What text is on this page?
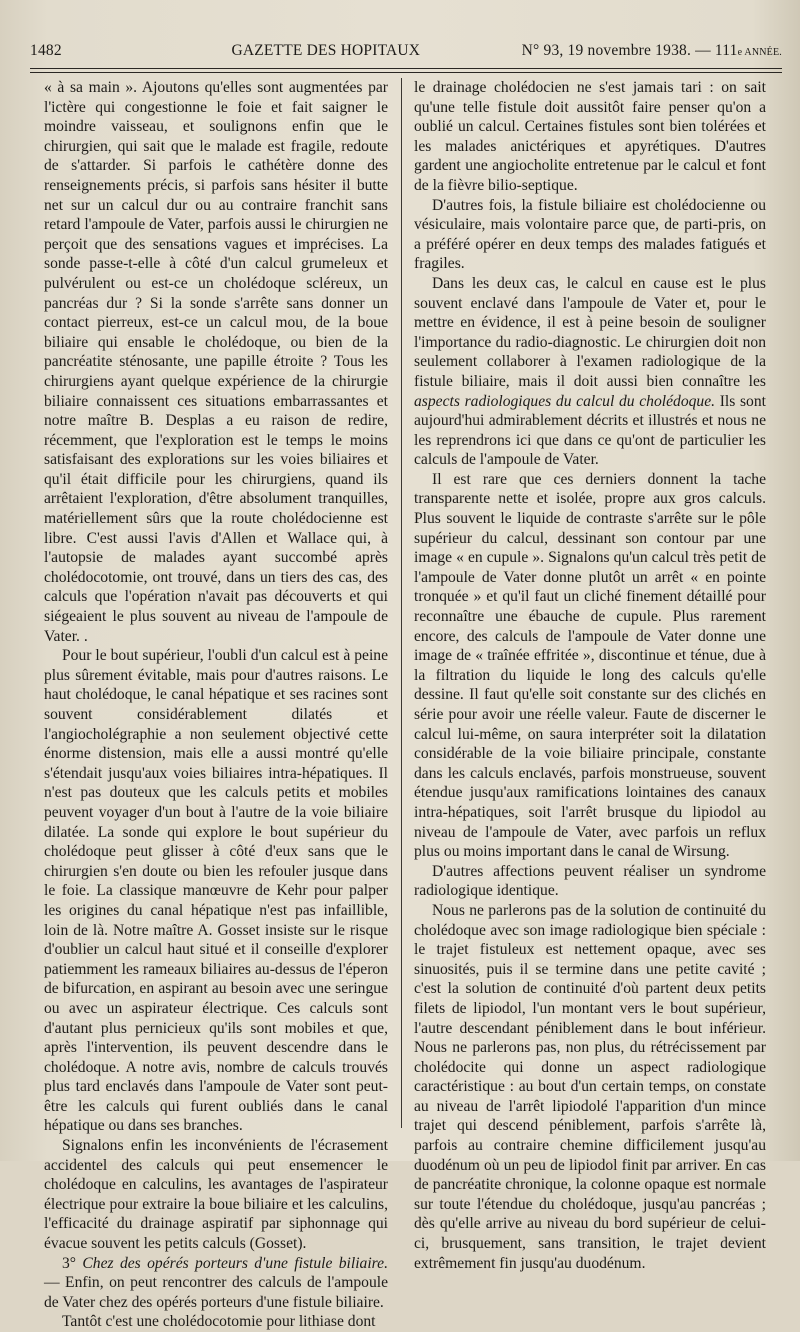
1482	GAZETTE DES HOPITAUX	N° 93, 19 novembre 1938. — 111e ANNÉE.

« à sa main ». Ajoutons qu'elles sont augmentées par l'ictère qui congestionne le foie et fait saigner le moindre vaisseau, et soulignons enfin que le chirurgien, qui sait que le malade est fragile, redoute de s'attarder. Si parfois le cathétère donne des renseignements précis, si parfois sans hésiter il butte net sur un calcul dur ou au contraire franchit sans retard l'ampoule de Vater, parfois aussi le chirurgien ne perçoit que des sensations vagues et imprécises. La sonde passe-t-elle à côté d'un calcul grumeleux et pulvérulent ou est-ce un cholédoque scléreux, un pancréas dur ? Si la sonde s'arrête sans donner un contact pierreux, est-ce un calcul mou, de la boue biliaire qui ensable le cholédoque, ou bien de la pancréatite sténosante, une papille étroite ? Tous les chirurgiens ayant quelque expérience de la chirurgie biliaire connaissent ces situations embarrassantes et notre maître B. Desplas a eu raison de redire, récemment, que l'exploration est le temps le moins satisfaisant des explorations sur les voies biliaires et qu'il était difficile pour les chirurgiens, quand ils arrêtaient l'exploration, d'être absolument tranquilles, matériellement sûrs que la route cholédocienne est libre. C'est aussi l'avis d'Allen et Wallace qui, à l'autopsie de malades ayant succombé après cholédocotomie, ont trouvé, dans un tiers des cas, des calculs que l'opération n'avait pas découverts et qui siégeaient le plus souvent au niveau de l'ampoule de Vater. .

Pour le bout supérieur, l'oubli d'un calcul est à peine plus sûrement évitable, mais pour d'autres raisons. Le haut cholédoque, le canal hépatique et ses racines sont souvent considérablement dilatés et l'angiocholégraphie a non seulement objectivé cette énorme distension, mais elle a aussi montré qu'elle s'étendait jusqu'aux voies biliaires intra-hépatiques. Il n'est pas douteux que les calculs petits et mobiles peuvent voyager d'un bout à l'autre de la voie biliaire dilatée. La sonde qui explore le bout supérieur du cholédoque peut glisser à côté d'eux sans que le chirurgien s'en doute ou bien les refouler jusque dans le foie. La classique manœuvre de Kehr pour palper les origines du canal hépatique n'est pas infaillible, loin de là. Notre maître A. Gosset insiste sur le risque d'oublier un calcul haut situé et il conseille d'explorer patiemment les rameaux biliaires au-dessus de l'éperon de bifurcation, en aspirant au besoin avec une seringue ou avec un aspirateur électrique. Ces calculs sont d'autant plus pernicieux qu'ils sont mobiles et que, après l'intervention, ils peuvent descendre dans le cholédoque. A notre avis, nombre de calculs trouvés plus tard enclavés dans l'ampoule de Vater sont peut-être les calculs qui furent oubliés dans le canal hépatique ou dans ses branches.

Signalons enfin les inconvénients de l'écrasement accidentel des calculs qui peut ensemencer le cholédoque en calculins, les avantages de l'aspirateur électrique pour extraire la boue biliaire et les calculins, l'efficacité du drainage aspiratif par siphonnage qui évacue souvent les petits calculs (Gosset).

3° Chez des opérés porteurs d'une fistule biliaire. — Enfin, on peut rencontrer des calculs de l'ampoule de Vater chez des opérés porteurs d'une fistule biliaire.

Tantôt c'est une cholédocotomie pour lithiase dont

le drainage cholédocien ne s'est jamais tari : on sait qu'une telle fistule doit aussitôt faire penser qu'on a oublié un calcul. Certaines fistules sont bien tolérées et les malades anictériques et apyrétiques. D'autres gardent une angiocholite entretenue par le calcul et font de la fièvre bilio-septique.

D'autres fois, la fistule biliaire est cholédocienne ou vésiculaire, mais volontaire parce que, de parti-pris, on a préféré opérer en deux temps des malades fatigués et fragiles.

Dans les deux cas, le calcul en cause est le plus souvent enclavé dans l'ampoule de Vater et, pour le mettre en évidence, il est à peine besoin de souligner l'importance du radio-diagnostic. Le chirurgien doit non seulement collaborer à l'examen radiologique de la fistule biliaire, mais il doit aussi bien connaître les aspects radiologiques du calcul du cholédoque. Ils sont aujourd'hui admirablement décrits et illustrés et nous ne les reprendrons ici que dans ce qu'ont de particulier les calculs de l'ampoule de Vater.

Il est rare que ces derniers donnent la tache transparente nette et isolée, propre aux gros calculs. Plus souvent le liquide de contraste s'arrête sur le pôle supérieur du calcul, dessinant son contour par une image « en cupule ». Signalons qu'un calcul très petit de l'ampoule de Vater donne plutôt un arrêt « en pointe tronquée » et qu'il faut un cliché finement détaillé pour reconnaître une ébauche de cupule. Plus rarement encore, des calculs de l'ampoule de Vater donne une image de « traînée effritée », discontinue et ténue, due à la filtration du liquide le long des calculs qu'elle dessine. Il faut qu'elle soit constante sur des clichés en série pour avoir une réelle valeur. Faute de discerner le calcul lui-même, on saura interpréter soit la dilatation considérable de la voie biliaire principale, constante dans les calculs enclavés, parfois monstrueuse, souvent étendue jusqu'aux ramifications lointaines des canaux intra-hépatiques, soit l'arrêt brusque du lipiodol au niveau de l'ampoule de Vater, avec parfois un reflux plus ou moins important dans le canal de Wirsung.

D'autres affections peuvent réaliser un syndrome radiologique identique.

Nous ne parlerons pas de la solution de continuité du cholédoque avec son image radiologique bien spéciale : le trajet fistuleux est nettement opaque, avec ses sinuosités, puis il se termine dans une petite cavité ; c'est la solution de continuité d'où partent deux petits filets de lipiodol, l'un montant vers le bout supérieur, l'autre descendant péniblement dans le bout inférieur. Nous ne parlerons pas, non plus, du rétrécissement par cholédocite qui donne un aspect radiologique caractéristique : au bout d'un certain temps, on constate au niveau de l'arrêt lipiodolé l'apparition d'un mince trajet qui descend péniblement, parfois s'arrête là, parfois au contraire chemine difficilement jusqu'au duodénum où un peu de lipiodol finit par arriver. En cas de pancréatite chronique, la colonne opaque est normale sur toute l'étendue du cholédoque, jusqu'au pancréas ; dès qu'elle arrive au niveau du bord supérieur de celui-ci, brusquement, sans transition, le trajet devient extrêmement fin jusqu'au duodénum.
